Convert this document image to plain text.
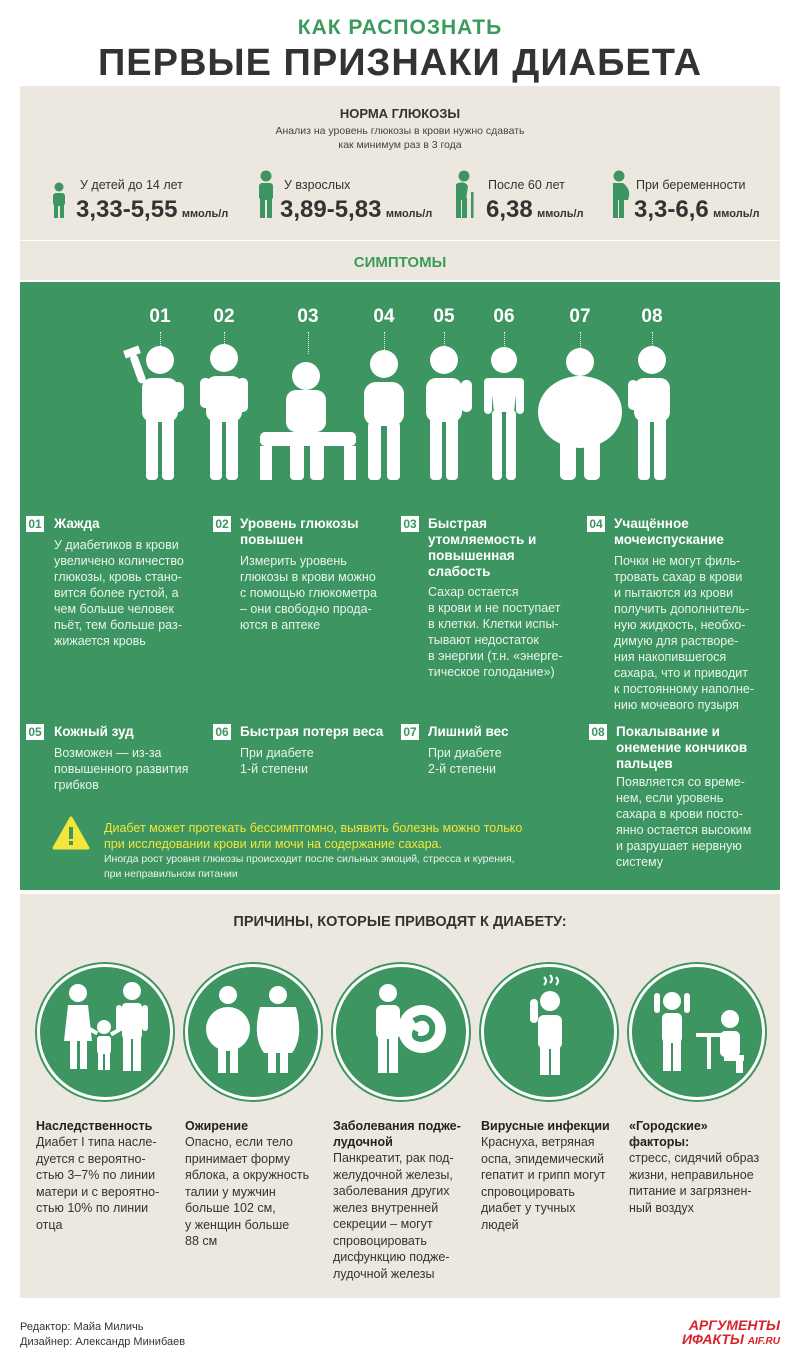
КАК РАСПОЗНАТЬ
ПЕРВЫЕ ПРИЗНАКИ ДИАБЕТА
НОРМА ГЛЮКОЗЫ
Анализ на уровень глюкозы в крови нужно сдавать
как минимум раз в 3 года
У детей до 14 лет
3,33-5,55 ммоль/л
У взрослых
3,89-5,83 ммоль/л
После 60 лет
6,38 ммоль/л
При беременности
3,3-6,6 ммоль/л
СИМПТОМЫ
01	02	03	04	05	06	07	08
01 Жажда
У диабетиков в крови
увеличено количество
глюкозы, кровь стано-
вится более густой, а
чем больше человек
пьёт, тем больше раз-
жижается кровь
02 Уровень глюкозы повышен
Измерить уровень
глюкозы в крови можно
с помощью глюкометра
– они свободно прода-
ются в аптеке
03 Быстрая утомляемость и повышенная слабость
Сахар остается
в крови и не поступает
в клетки. Клетки испы-
тывают недостаток
в энергии (т.н. «энерге-
тическое голодание»)
04 Учащённое мочеиспускание
Почки не могут филь-
тровать сахар в крови
и пытаются из крови
получить дополнитель-
ную жидкость, необхо-
димую для растворе-
ния накопившегося
сахара, что и приводит
к постоянному наполне-
нию мочевого пузыря
05 Кожный зуд
Возможен — из-за
повышенного развития
грибков
06 Быстрая потеря веса
При диабете
1-й степени
07 Лишний вес
При диабете
2-й степени
08 Покалывание и онемение кончиков пальцев
Появляется со време-
нем, если уровень
сахара в крови посто-
янно остается высоким
и разрушает нервную
систему
Диабет может протекать бессимптомно, выявить болезнь можно только
при исследовании крови или мочи на содержание сахара.
Иногда рост уровня глюкозы происходит после сильных эмоций, стресса и курения,
при неправильном питании
ПРИЧИНЫ, КОТОРЫЕ ПРИВОДЯТ К ДИАБЕТУ:
Наследственность
Диабет I типа насле-
дуется с вероятно-
стью 3–7% по линии
матери и с вероятно-
стью 10% по линии
отца
Ожирение
Опасно, если тело
принимает форму
яблока, а окружность
талии у мужчин
больше 102 см,
у женщин больше
88 см
Заболевания подже-
лудочной
Панкреатит, рак под-
желудочной железы,
заболевания других
желез внутренней
секреции – могут
спровоцировать
дисфункцию подже-
лудочной железы
Вирусные инфекции
Краснуха, ветряная
оспа, эпидемический
гепатит и грипп могут
спровоцировать
диабет у тучных
людей
«Городские»
факторы:
стресс, сидячий образ
жизни, неправильное
питание и загрязнен-
ный воздух
Редактор: Майа Миличь
Дизайнер: Александр Минибаев
АРГУМЕНТЫ
ИФАКТЫ AIF.RU
